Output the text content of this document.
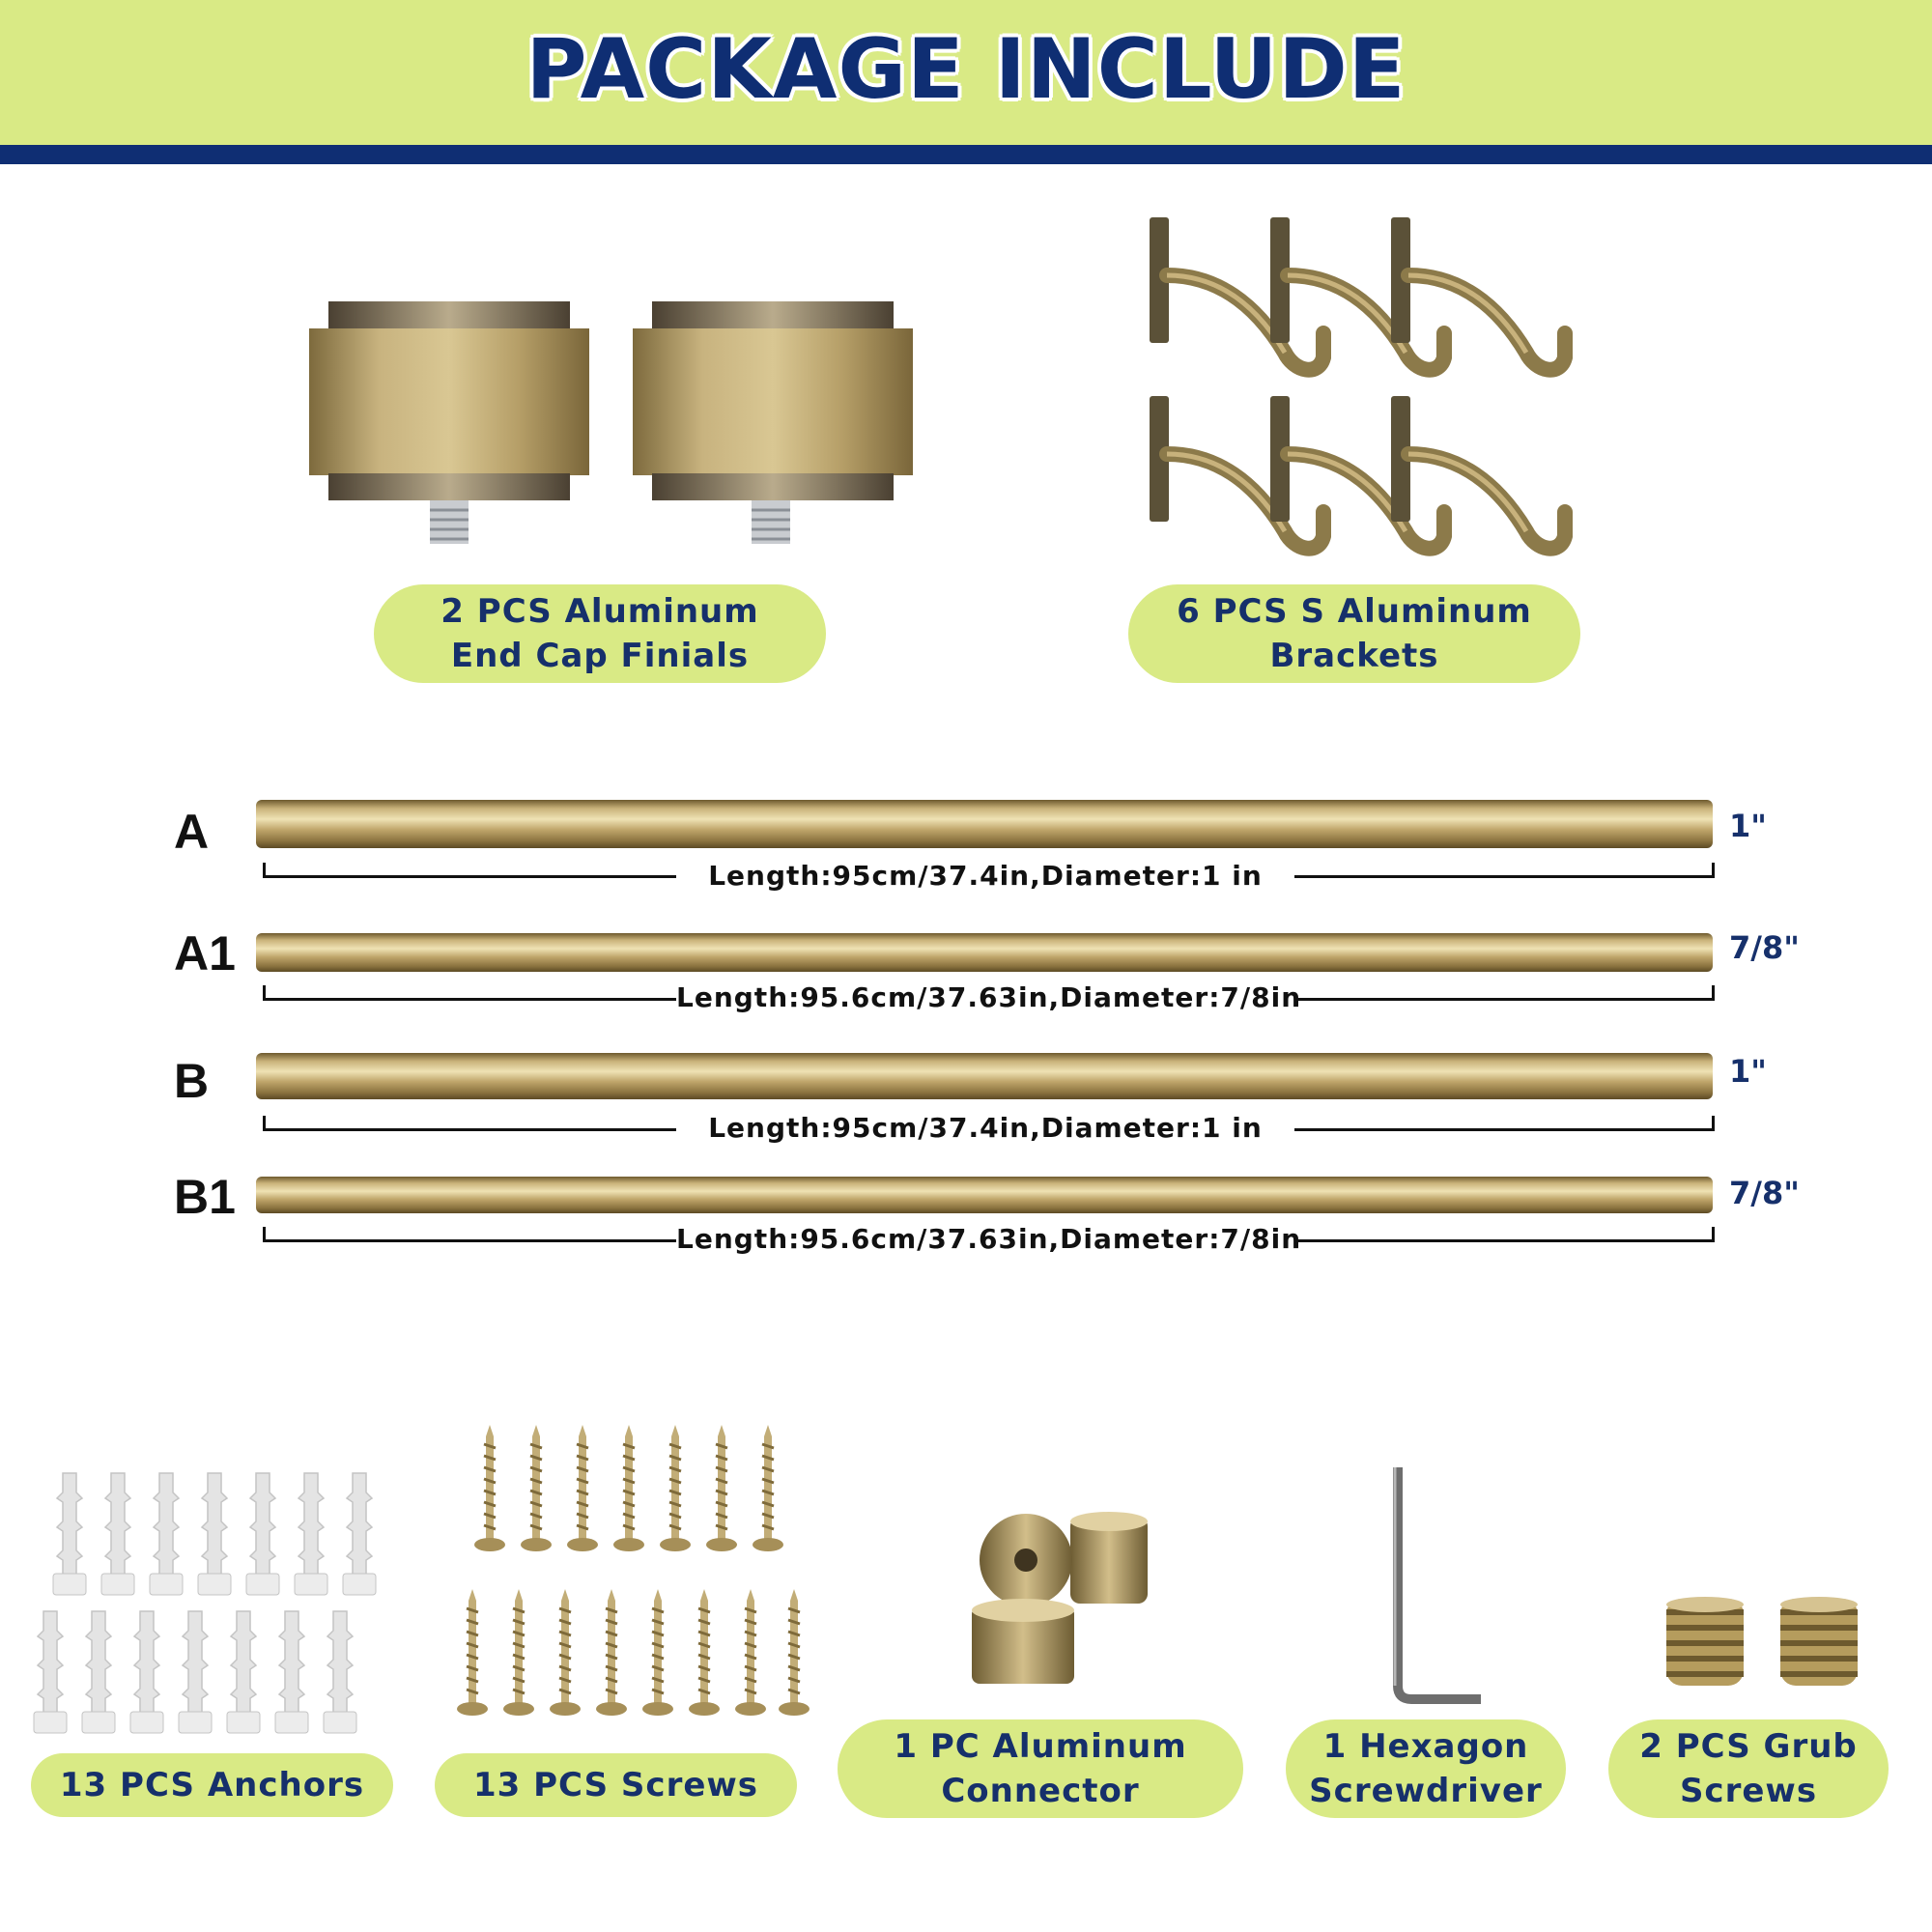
PACKAGE INCLUDE
2 PCS Aluminum
End Cap Finials
6 PCS S Aluminum
Brackets
A	1"
Length:95cm/37.4in,Diameter:1 in
A1	7/8"
Length:95.6cm/37.63in,Diameter:7/8in
B	1"
Length:95cm/37.4in,Diameter:1 in
B1	7/8"
Length:95.6cm/37.63in,Diameter:7/8in
13 PCS Anchors	13 PCS Screws
1 PC Aluminum
Connector
1 Hexagon
Screwdriver
2 PCS Grub
Screws
